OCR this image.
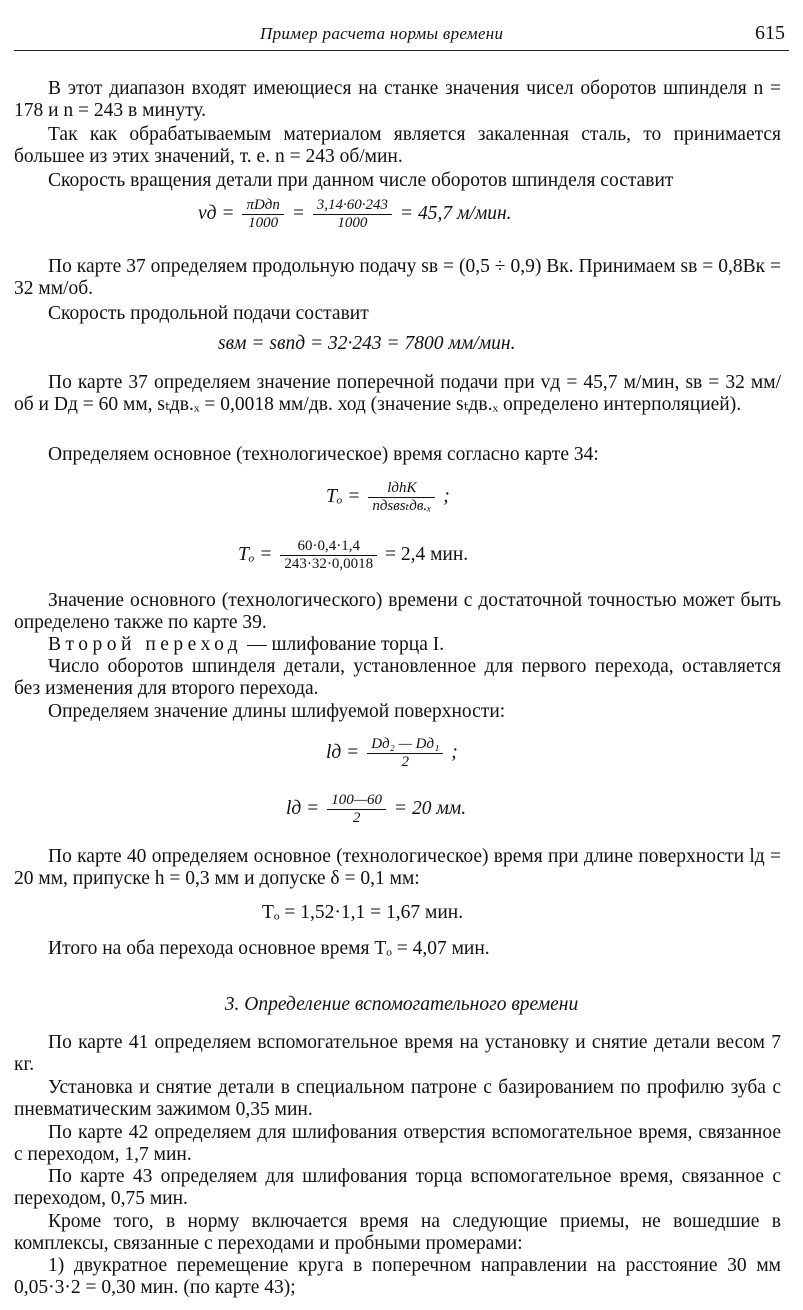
Пример расчета нормы времени	615

В этот диапазон входят имеющиеся на станке значения чисел оборотов шпинделя n = 178 и n = 243 в минуту.

Так как обрабатываемым материалом является закаленная сталь, то принимается большее из этих значений, т. е. n = 243 об/мин.

Скорость вращения детали при данном числе оборотов шпинделя составит

vд = $\frac{\text{πDдn}}{1000} = \frac{3,14\cdot 60\cdot 243}{1000} = 45,7$ м/мин.

По карте 37 определяем продольную подачу sв = (0,5 ÷ 0,9) Bк. Принимаем sв = 0,8Bк = 32 мм/об.

Скорость продольной подачи составит

sвм = sвnд = 32·243 = 7800 мм/мин.

По карте 37 определяем значение поперечной подачи при vд = 45,7 м/мин, sв = 32 мм/об и Dд = 60 мм, sₜдв.ₓ = 0,0018 мм/дв. ход (значение sₜдв.ₓ определено интерполяцией).

Определяем основное (технологическое) время согласно карте 34:

$T_o = \frac{\text{lдhK}}{\text{nдsвsₜдв.ₓ}}$ ;
$T_o = \frac{60\cdot 0,4\cdot 1,4}{243\cdot 32\cdot 0,0018} = 2,4$ мин.

Значение основного (технологического) времени с достаточной точностью может быть определено также по карте 39.

Второй переход — шлифование торца I.

Число оборотов шпинделя детали, установленное для первого перехода, оставляется без изменения для второго перехода.

Определяем значение длины шлифуемой поверхности:

lд = $\frac{\text{Dд₂ — Dд₁}}{2}$ ;
lд = $\frac{100—60}{2} = 20$ мм.

По карте 40 определяем основное (технологическое) время при длине поверхности lд = 20 мм, припуске h = 0,3 мм и допуске δ = 0,1 мм:

Tₒ = 1,52·1,1 = 1,67 мин.

Итого на оба перехода основное время Tₒ = 4,07 мин.

3. Определение вспомогательного времени

По карте 41 определяем вспомогательное время на установку и снятие детали весом 7 кг.

Установка и снятие детали в специальном патроне с базированием по профилю зуба с пневматическим зажимом 0,35 мин.

По карте 42 определяем для шлифования отверстия вспомогательное время, связанное с переходом, 1,7 мин.

По карте 43 определяем для шлифования торца вспомогательное время, связанное с переходом, 0,75 мин.

Кроме того, в норму включается время на следующие приемы, не вошедшие в комплексы, связанные с переходами и пробными промерами:

1) двукратное перемещение круга в поперечном направлении на расстояние 30 мм 0,05·3·2 = 0,30 мин. (по карте 43);
